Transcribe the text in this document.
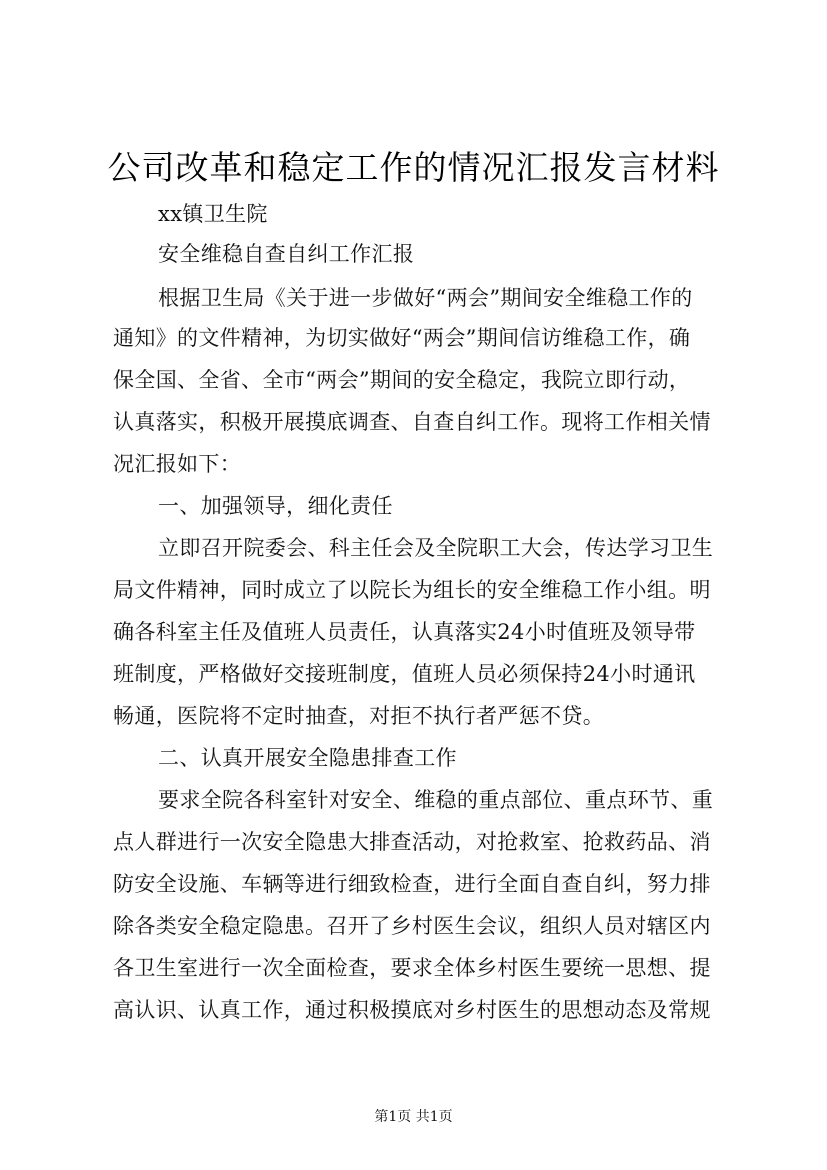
公司改革和稳定工作的情况汇报发言材料
xx镇卫生院
安全维稳自查自纠工作汇报
根据卫生局《关于进一步做好“两会”期间安全维稳工作的
通知》的文件精神，为切实做好“两会”期间信访维稳工作，确
保全国、全省、全市“两会”期间的安全稳定，我院立即行动，
认真落实，积极开展摸底调查、自查自纠工作。现将工作相关情
况汇报如下：
一、加强领导，细化责任
立即召开院委会、科主任会及全院职工大会，传达学习卫生
局文件精神，同时成立了以院长为组长的安全维稳工作小组。明
确各科室主任及值班人员责任，认真落实24小时值班及领导带
班制度，严格做好交接班制度，值班人员必须保持24小时通讯
畅通，医院将不定时抽查，对拒不执行者严惩不贷。
二、认真开展安全隐患排查工作
要求全院各科室针对安全、维稳的重点部位、重点环节、重
点人群进行一次安全隐患大排查活动，对抢救室、抢救药品、消
防安全设施、车辆等进行细致检查，进行全面自查自纠，努力排
除各类安全稳定隐患。召开了乡村医生会议，组织人员对辖区内
各卫生室进行一次全面检查，要求全体乡村医生要统一思想、提
高认识、认真工作，通过积极摸底对乡村医生的思想动态及常规
第1页 共1页
